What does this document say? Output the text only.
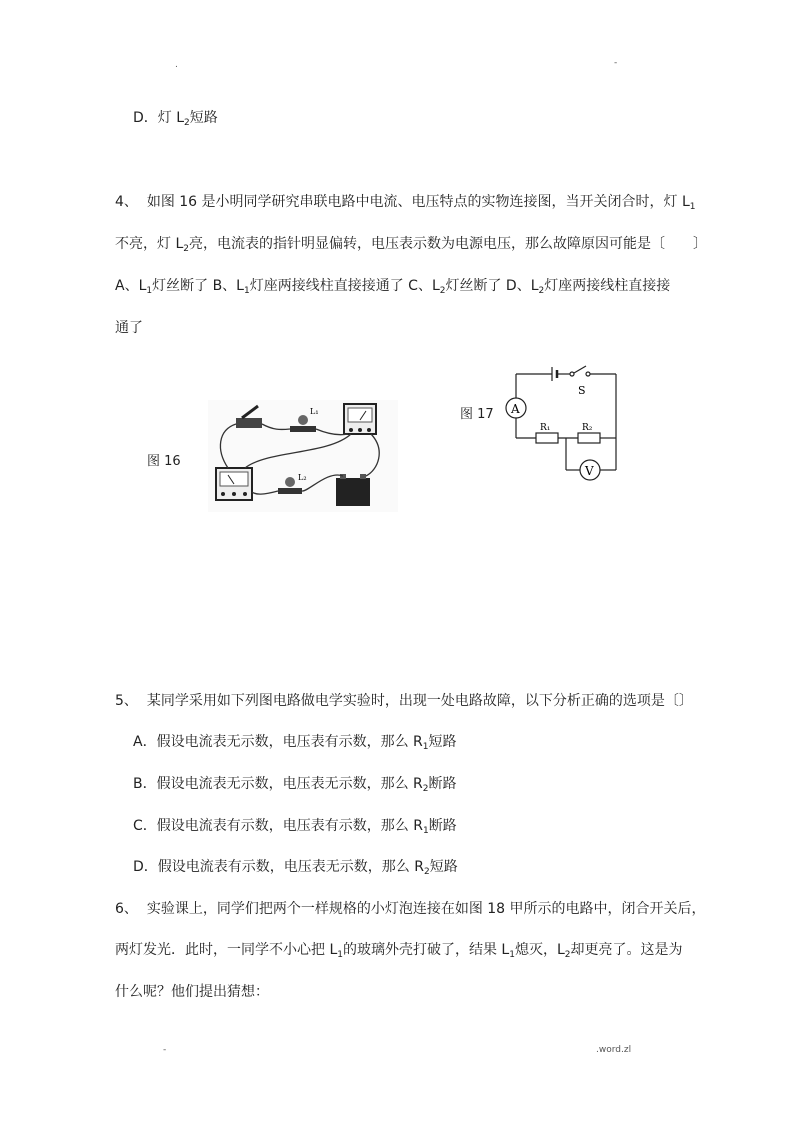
.	-
D．灯 $L_2$短路
4、 如图 16 是小明同学研究串联电路中电流、电压特点的实物连接图，当开关闭合时，灯 $L_1$
不亮，灯 $L_2$亮，电流表的指针明显偏转，电压表示数为电源电压，那么故障原因可能是〔　　〕
A、$L_1$灯丝断了 B、$L_1$灯座两接线柱直接接通了 C、$L_2$灯丝断了 D、$L_2$灯座两接线柱直接接
通了
图 16
L₁
L₂
图 17 A
V
S
R₁	R₂
5、 某同学采用如下列图电路做电学实验时，出现一处电路故障，以下分析正确的选项是〔〕
A．假设电流表无示数，电压表有示数，那么 $R_1$短路
B．假设电流表无示数，电压表无示数，那么 $R_2$断路
C．假设电流表有示数，电压表有示数，那么 $R_1$断路
D．假设电流表有示数，电压表无示数，那么 $R_2$短路
6、 实验课上，同学们把两个一样规格的小灯泡连接在如图 18 甲所示的电路中，闭合开关后，
两灯发光．此时，一同学不小心把 $L_1$的玻璃外壳打破了，结果 $L_1$熄灭，$L_2$却更亮了。这是为
什么呢？他们提出猜想：
-	.word.zl
